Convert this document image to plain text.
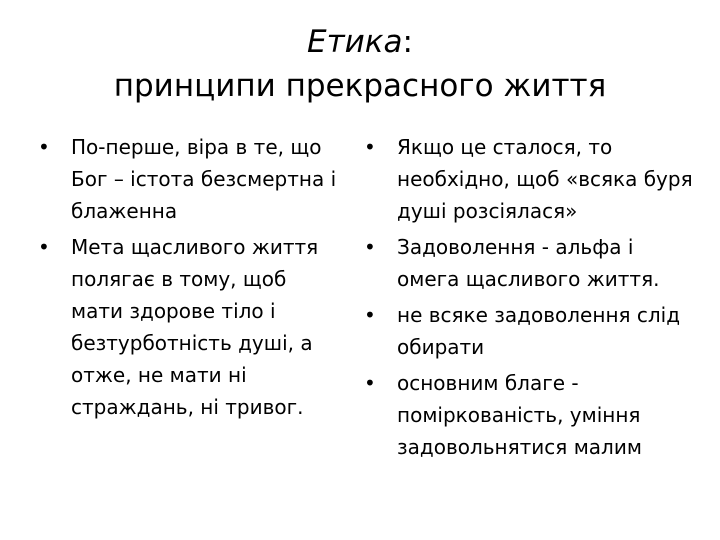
Етика:
принципи прекрасного життя
•	По-перше, віра в те, що Бог – істота безсмертна і блаженна
•	Мета щасливого життя полягає в тому, щоб мати здорове тіло і безтурботність душі, а отже, не мати ні страждань, ні тривог.
•	Якщо це сталося, то необхідно, щоб «всяка буря душі розсіялася»
•	Задоволення - альфа і омега щасливого життя.
•	не всяке задоволення слід обирати
•	основним благе - поміркованість, уміння задовольнятися малим
